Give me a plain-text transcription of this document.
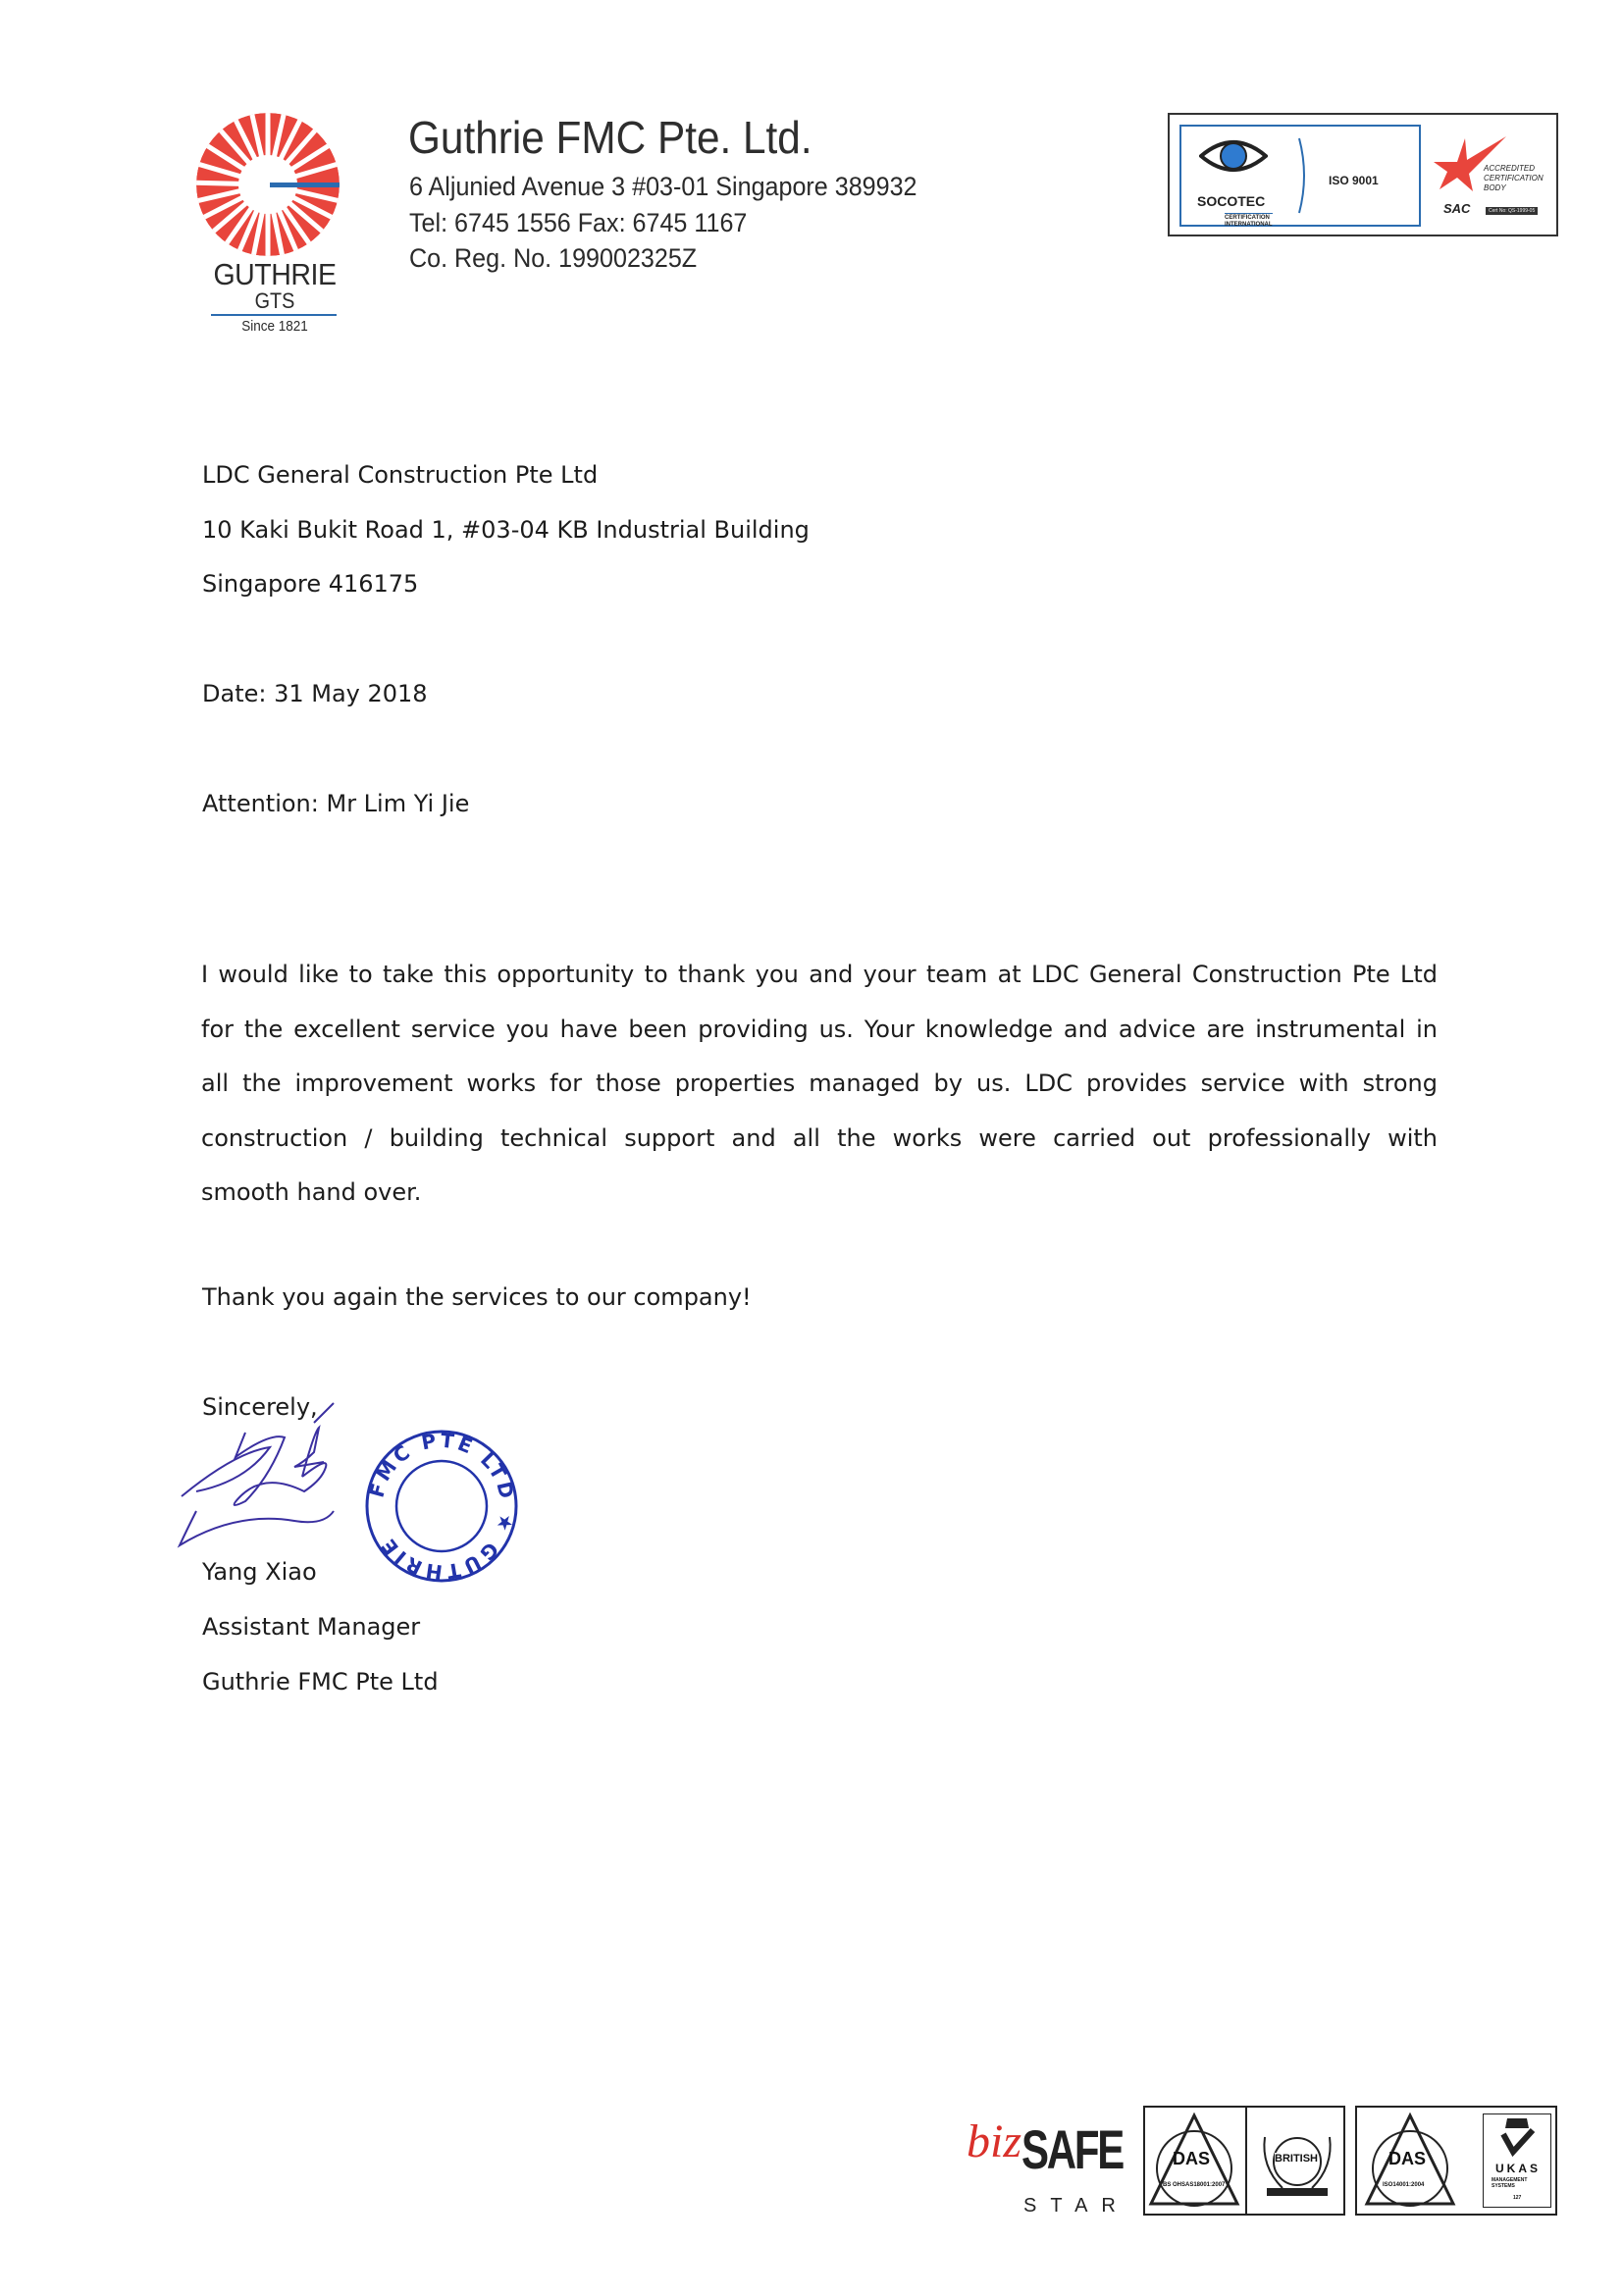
GUTHRIE
GTS
Since 1821
Guthrie FMC Pte. Ltd.
6 Aljunied Avenue 3 #03-01 Singapore 389932
Tel: 6745 1556 Fax: 6745 1167
Co. Reg. No. 199002325Z
SOCOTEC
CERTIFICATION
INTERNATIONAL
ISO 9001
SAC
ACCREDITED
CERTIFICATION
BODY
Cert No: QS-1999-05
LDC General Construction Pte Ltd
10 Kaki Bukit Road 1, #03-04 KB Industrial Building
Singapore 416175
Date: 31 May 2018
Attention: Mr Lim Yi Jie
I would like to take this opportunity to thank you and your team at LDC General Construction Pte Ltd
for the excellent service you have been providing us. Your knowledge and advice are instrumental in
all the improvement works for those properties managed by us. LDC provides service with strong
construction / building technical support and all the works were carried out professionally with
smooth hand over.
Thank you again the services to our company!
Sincerely,
FMC PTE LTD ★ GUTHRIE
Yang Xiao
Assistant Manager
Guthrie FMC Pte Ltd
SAFE
biz
STAR
DAS
BS OHSAS18001:2007
BRITISH	DAS
ISO14001:2004
UKAS
MANAGEMENT
SYSTEMS
127
